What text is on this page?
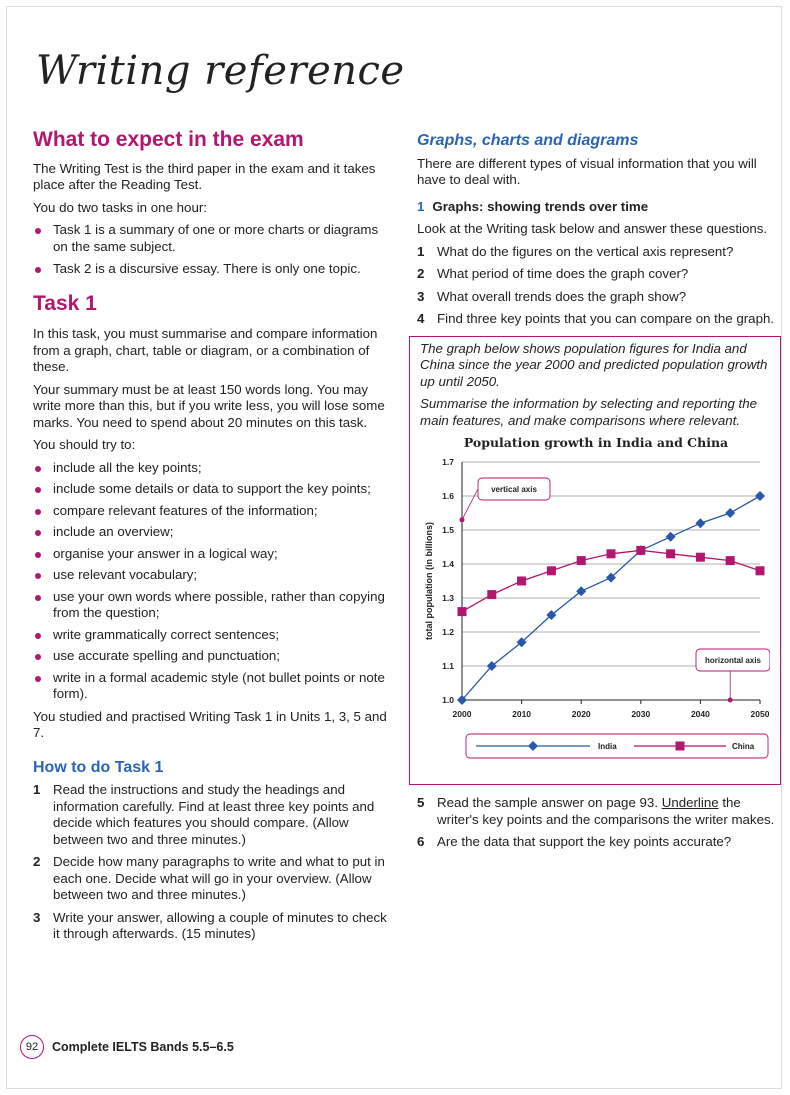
Writing reference
What to expect in the exam

The Writing Test is the third paper in the exam and it takes place after the Reading Test.

You do two tasks in one hour:

Task 1 is a summary of one or more charts or diagrams on the same subject.
Task 2 is a discursive essay. There is only one topic.
Task 1

In this task, you must summarise and compare information from a graph, chart, table or diagram, or a combination of these.

Your summary must be at least 150 words long. You may write more than this, but if you write less, you will lose some marks. You need to spend about 20 minutes on this task.

You should try to:

include all the key points;
include some details or data to support the key points;
compare relevant features of the information;
include an overview;
organise your answer in a logical way;
use relevant vocabulary;
use your own words where possible, rather than copying from the question;
write grammatically correct sentences;
use accurate spelling and punctuation;
write in a formal academic style (not bullet points or note form).

You studied and practised Writing Task 1 in Units 1, 3, 5 and 7.

How to do Task 1
1 Read the instructions and study the headings and information carefully. Find at least three key points and decide which features you should compare. (Allow between two and three minutes.)
2 Decide how many paragraphs to write and what to put in each one. Decide what will go in your overview. (Allow between two and three minutes.)
3 Write your answer, allowing a couple of minutes to check it through afterwards. (15 minutes)
Graphs, charts and diagrams

There are different types of visual information that you will have to deal with.

1 Graphs: showing trends over time

Look at the Writing task below and answer these questions.

1 What do the figures on the vertical axis represent?
2 What period of time does the graph cover?
3 What overall trends does the graph show?
4 Find three key points that you can compare on the graph.

The graph below shows population figures for India and China since the year 2000 and predicted population growth up until 2050.

Summarise the information by selecting and reporting the main features, and make comparisons where relevant.

Population growth in India and China
1.0
1.1
1.2
1.3
1.4
1.5
1.6
1.7
2000	2010	2020	2030	2040	2050
total population (in billions)
vertical axis
horizontal axis
India	China
5 Read the sample answer on page 93. Underline the writer's key points and the comparisons the writer makes.
6 Are the data that support the key points accurate?
92	Complete IELTS Bands 5.5–6.5
